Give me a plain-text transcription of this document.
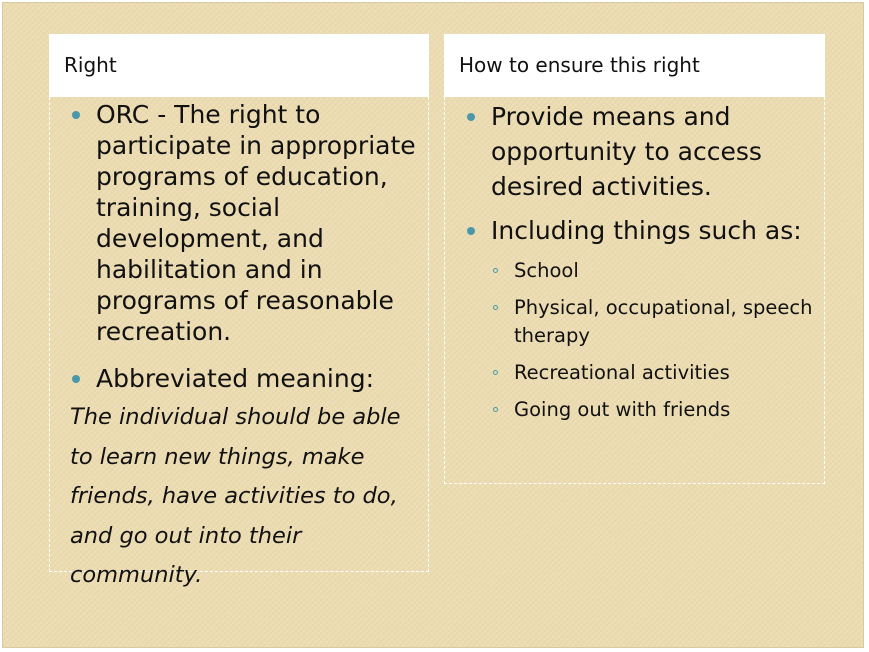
Right
ORC - The right to participate in appropriate programs of education, training, social development, and habilitation and in programs of reasonable recreation.
Abbreviated meaning:
The individual should be able to learn new things, make friends, have activities to do, and go out into their community.
How to ensure this right
Provide means and opportunity to access desired activities.
Including things such as:
School
Physical, occupational, speech therapy
Recreational activities
Going out with friends
